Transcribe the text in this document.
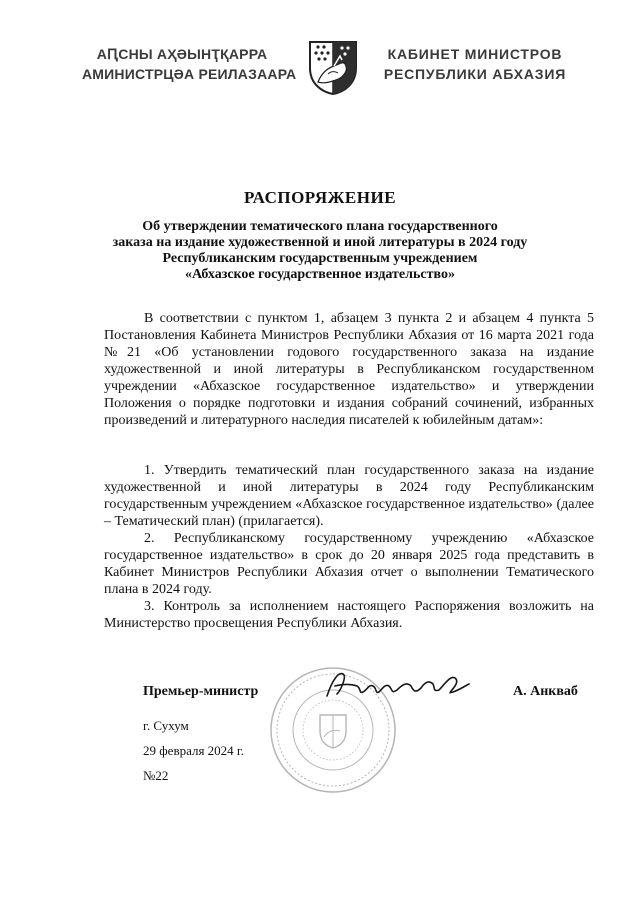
АԤСНЫ АҲӘЫНҬҚАРРА
АМИНИСТРЦӘА РЕИЛАЗААРА
КАБИНЕТ МИНИСТРОВ
РЕСПУБЛИКИ АБХАЗИЯ
РАСПОРЯЖЕНИЕ
Об утверждении тематического плана государственного
заказа на издание художественной и иной литературы в 2024 году
Республиканским государственным учреждением
«Абхазское государственное издательство»

В соответствии с пунктом 1, абзацем 3 пункта 2 и абзацем 4 пункта 5 Постановления Кабинета Министров Республики Абхазия от 16 марта 2021 года №21 «Об установлении годового государственного заказа на издание художественной и иной литературы в Республиканском государственном учреждении «Абхазское государственное издательство» и утверждении Положения о порядке подготовки и издания собраний сочинений, избранных произведений и литературного наследия писателей к юбилейным датам»:

1. Утвердить тематический план государственного заказа на издание художественной и иной литературы в 2024 году Республиканским государственным учреждением «Абхазское государственное издательство» (далее – Тематический план) (прилагается).

2. Республиканскому государственному учреждению «Абхазское государственное издательство» в срок до 20 января 2025 года представить в Кабинет Министров Республики Абхазия отчет о выполнении Тематического плана в 2024 году.

3. Контроль за исполнением настоящего Распоряжения возложить на Министерство просвещения Республики Абхазия.

Премьер-министр	А. Анкваб
г. Сухум
29 февраля 2024 г.
№22
